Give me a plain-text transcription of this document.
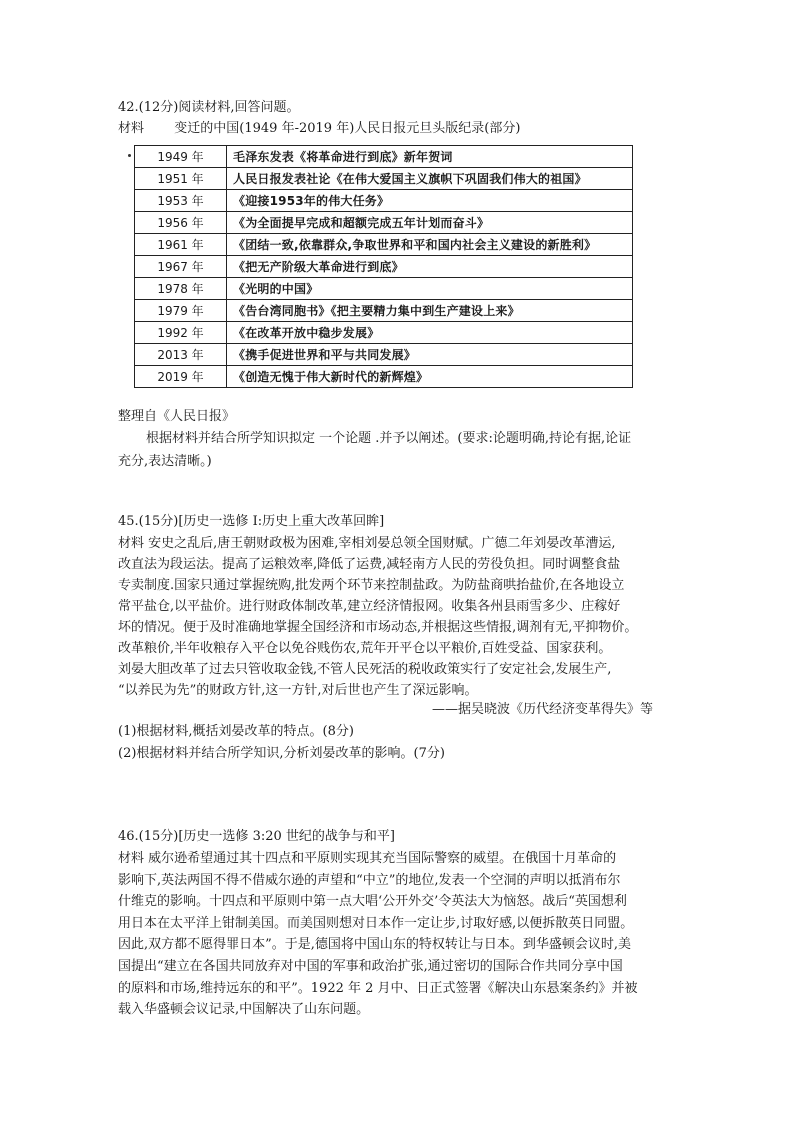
42.(12分)阅读材料,回答问题。
材料 变迁的中国(1949 年-2019 年)人民日报元旦头版纪录(部分)
1949 年	毛泽东发表《将革命进行到底》新年贺词
1951 年	人民日报发表社论《在伟大爱国主义旗帜下巩固我们伟大的祖国》
1953 年	《迎接1953年的伟大任务》
1956 年	《为全面提早完成和超额完成五年计划而奋斗》
1961 年	《团结一致,依靠群众,争取世界和平和国内社会主义建设的新胜利》
1967 年	《把无产阶级大革命进行到底》
1978 年	《光明的中国》
1979 年	《告台湾同胞书》《把主要精力集中到生产建设上来》
1992 年	《在改革开放中稳步发展》
2013 年	《携手促进世界和平与共同发展》
2019 年	《创造无愧于伟大新时代的新辉煌》
整理自《人民日报》
根据材料并结合所学知识拟定 一个论题 .并予以阐述。(要求:论题明确,持论有据,论证
充分,表达清晰。)
45.(15分)[历史一选修 I:历史上重大改革回眸]
材料 安史之乱后,唐王朝财政极为困难,宰相刘晏总领全国财赋。广德二年刘晏改革漕运,
改直法为段运法。提高了运粮效率,降低了运费,减轻南方人民的劳役负担。同时调整食盐
专卖制度.国家只通过掌握统购,批发两个环节来控制盐政。为防盐商哄抬盐价,在各地设立
常平盐仓,以平盐价。进行财政体制改革,建立经济情报网。收集各州县雨雪多少、庄稼好
坏的情况。便于及时准确地掌握全国经济和市场动态,并根据这些情报,调剂有无,平抑物价。
改革粮价,半年收粮存入平仓以免谷贱伤农,荒年开平仓以平粮价,百姓受益、国家获利。
刘晏大胆改革了过去只管收取金钱,不管人民死活的税收政策实行了安定社会,发展生产,
“以养民为先”的财政方针,这一方针,对后世也产生了深远影响。
——据吴晓波《历代经济变革得失》等
(1)根据材料,概括刘晏改革的特点。(8分)
(2)根据材料并结合所学知识,分析刘晏改革的影响。(7分)
46.(15分)[历史一选修 3:20 世纪的战争与和平]
材料 威尔逊希望通过其十四点和平原则实现其充当国际警察的威望。在俄国十月革命的
影响下,英法两国不得不借威尔逊的声望和“中立”的地位,发表一个空洞的声明以抵消布尔
什维克的影响。十四点和平原则中第一点大唱‘公开外交’令英法大为恼怒。战后“英国想利
用日本在太平洋上钳制美国。而美国则想对日本作一定让步,讨取好感,以便拆散英日同盟。
因此,双方都不愿得罪日本”。于是,德国将中国山东的特权转让与日本。到华盛顿会议时,美
国提出“建立在各国共同放弃对中国的军事和政治扩张,通过密切的国际合作共同分享中国
的原料和市场,维持远东的和平”。1922 年 2 月中、日正式签署《解决山东悬案条约》并被
载入华盛顿会议记录,中国解决了山东问题。
